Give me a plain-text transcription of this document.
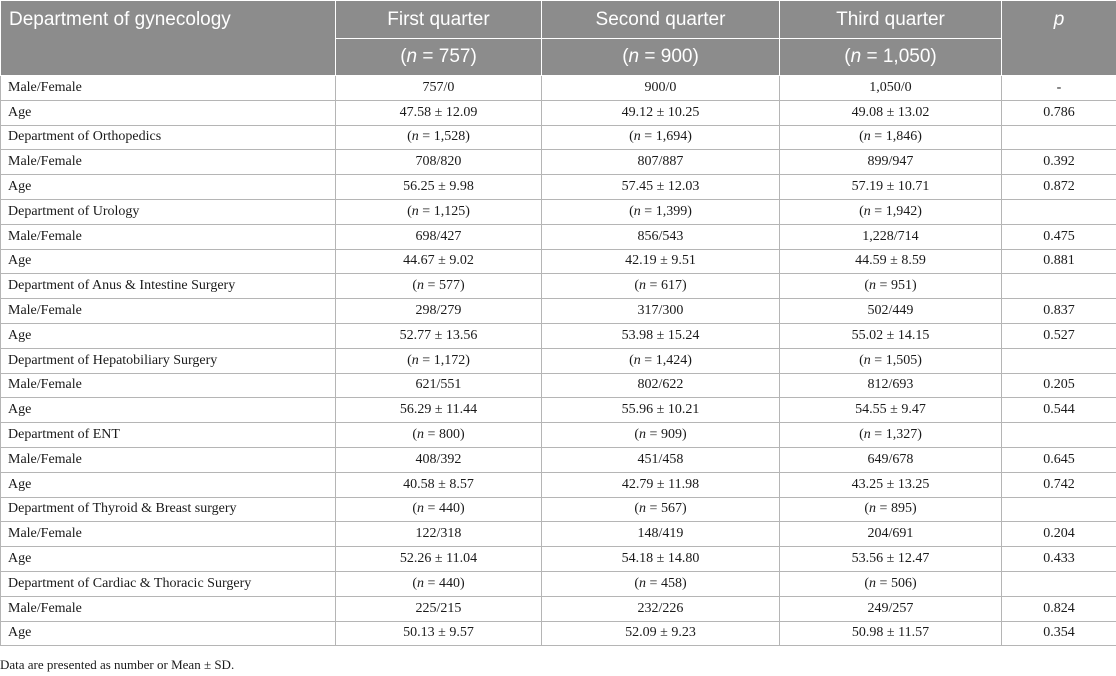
Department of gynecology	First quarter	Second quarter	Third quarter	p
	(n = 757)	(n = 900)	(n = 1,050)	
Male/Female	757/0	900/0	1,050/0	-
Age	47.58 ± 12.09	49.12 ± 10.25	49.08 ± 13.02	0.786
Department of Orthopedics	(n = 1,528)	(n = 1,694)	(n = 1,846)	
Male/Female	708/820	807/887	899/947	0.392
Age	56.25 ± 9.98	57.45 ± 12.03	57.19 ± 10.71	0.872
Department of Urology	(n = 1,125)	(n = 1,399)	(n = 1,942)	
Male/Female	698/427	856/543	1,228/714	0.475
Age	44.67 ± 9.02	42.19 ± 9.51	44.59 ± 8.59	0.881
Department of Anus & Intestine Surgery	(n = 577)	(n = 617)	(n = 951)	
Male/Female	298/279	317/300	502/449	0.837
Age	52.77 ± 13.56	53.98 ± 15.24	55.02 ± 14.15	0.527
Department of Hepatobiliary Surgery	(n = 1,172)	(n = 1,424)	(n = 1,505)	
Male/Female	621/551	802/622	812/693	0.205
Age	56.29 ± 11.44	55.96 ± 10.21	54.55 ± 9.47	0.544
Department of ENT	(n = 800)	(n = 909)	(n = 1,327)	
Male/Female	408/392	451/458	649/678	0.645
Age	40.58 ± 8.57	42.79 ± 11.98	43.25 ± 13.25	0.742
Department of Thyroid & Breast surgery	(n = 440)	(n = 567)	(n = 895)	
Male/Female	122/318	148/419	204/691	0.204
Age	52.26 ± 11.04	54.18 ± 14.80	53.56 ± 12.47	0.433
Department of Cardiac & Thoracic Surgery	(n = 440)	(n = 458)	(n = 506)	
Male/Female	225/215	232/226	249/257	0.824
Age	50.13 ± 9.57	52.09 ± 9.23	50.98 ± 11.57	0.354
Data are presented as number or Mean ± SD.
